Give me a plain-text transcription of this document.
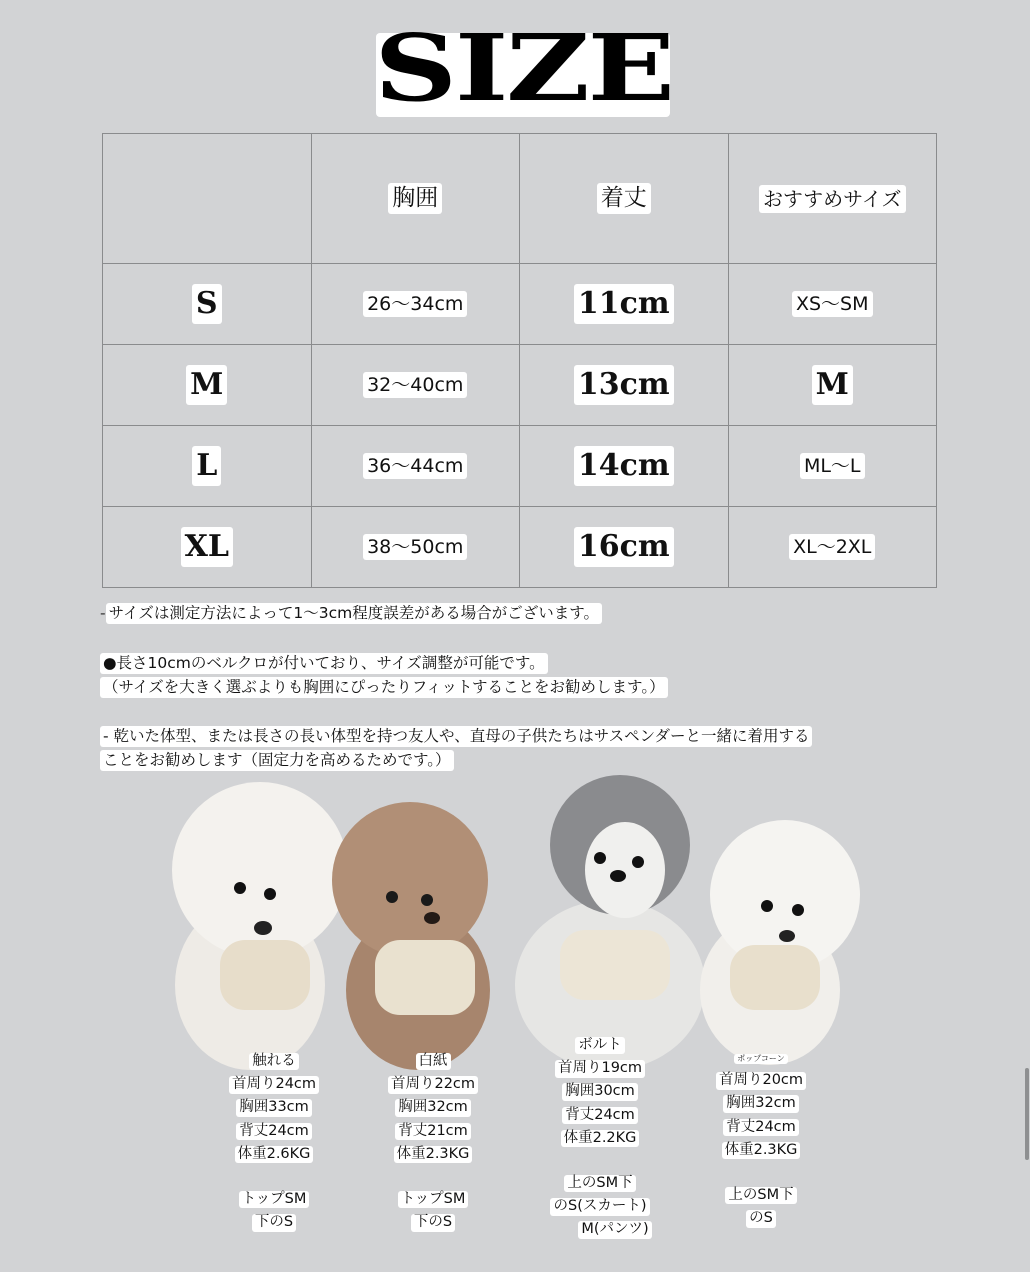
SIZE
	胸囲	着丈	おすすめサイズ
S	26〜34cm	11cm	XS〜SM
M	32〜40cm	13cm	M
L	36〜44cm	14cm	ML〜L
XL	38〜50cm	16cm	XL〜2XL
- サイズは測定方法によって1〜3cm程度誤差がある場合がございます。
●長さ10cmのベルクロが付いており、サイズ調整が可能です。
（サイズを大きく選ぶよりも胸囲にぴったりフィットすることをお勧めします。）
- 乾いた体型、または長さの長い体型を持つ友人や、直母の子供たちはサスペンダーと一緒に着用する
ことをお勧めします（固定力を高めるためです。）
触れる
首周り24cm
胸囲33cm
背丈24cm
体重2.6KG
トップSM
下のS
白紙
首周り22cm
胸囲32cm
背丈21cm
体重2.3KG
トップSM
下のS
ボルト
首周り19cm
胸囲30cm
背丈24cm
体重2.2KG
上のSM下
のS(スカート)
M(パンツ)
ポップコーン
首周り20cm
胸囲32cm
背丈24cm
体重2.3KG
上のSM下
のS
